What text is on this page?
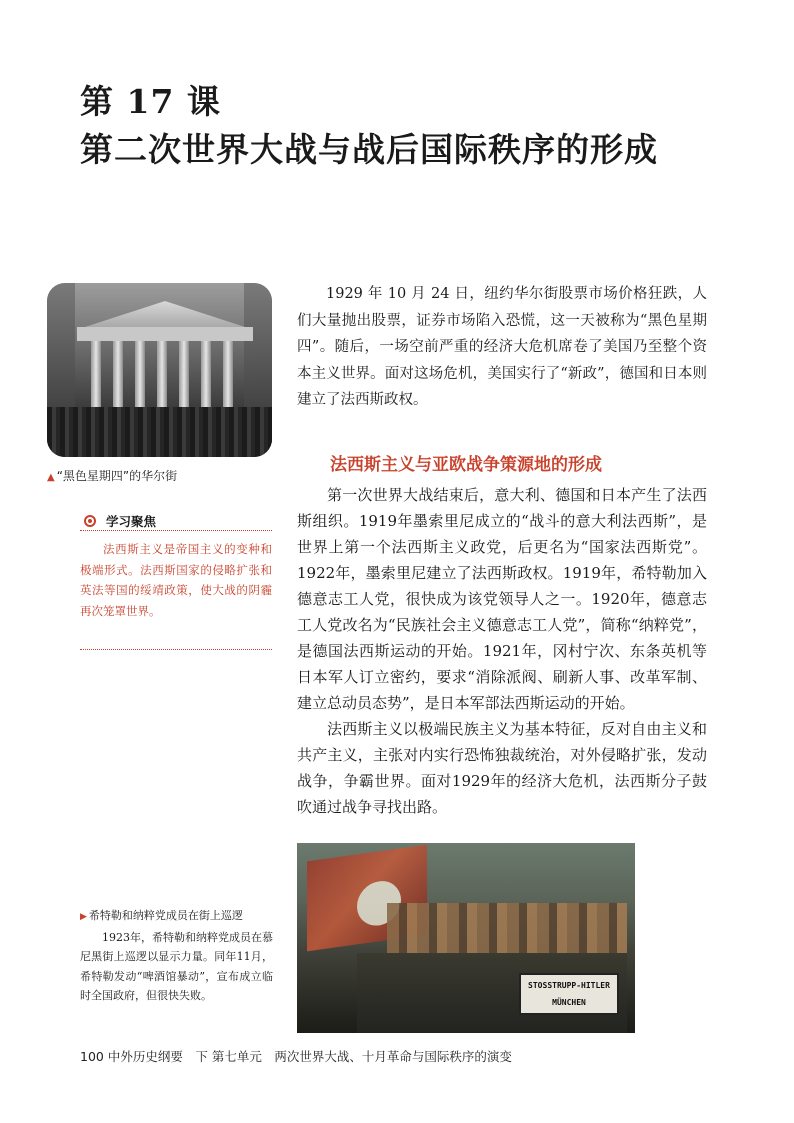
第 17 课
第二次世界大战与战后国际秩序的形成
▲ “黑色星期四”的华尔街

1929 年 10 月 24 日，纽约华尔街股票市场价格狂跌，人们大量抛出股票，证券市场陷入恐慌，这一天被称为“黑色星期四”。随后，一场空前严重的经济大危机席卷了美国乃至整个资本主义世界。面对这场危机，美国实行了“新政”，德国和日本则建立了法西斯政权。

学习聚焦

法西斯主义是帝国主义的变种和极端形式。法西斯国家的侵略扩张和英法等国的绥靖政策，使大战的阴霾再次笼罩世界。

法西斯主义与亚欧战争策源地的形成

第一次世界大战结束后，意大利、德国和日本产生了法西斯组织。1919年墨索里尼成立的“战斗的意大利法西斯”，是世界上第一个法西斯主义政党，后更名为“国家法西斯党”。1922年，墨索里尼建立了法西斯政权。1919年，希特勒加入德意志工人党，很快成为该党领导人之一。1920年，德意志工人党改名为“民族社会主义德意志工人党”，简称“纳粹党”，是德国法西斯运动的开始。1921年，冈村宁次、东条英机等日本军人订立密约，要求“消除派阀、刷新人事、改革军制、建立总动员态势”，是日本军部法西斯运动的开始。

法西斯主义以极端民族主义为基本特征，反对自由主义和共产主义，主张对内实行恐怖独裁统治，对外侵略扩张，发动战争，争霸世界。面对1929年的经济大危机，法西斯分子鼓吹通过战争寻找出路。

▶ 希特勒和纳粹党成员在街上巡逻

1923年，希特勒和纳粹党成员在慕尼黑街上巡逻以显示力量。同年11月，希特勒发动“啤酒馆暴动”，宣布成立临时全国政府，但很快失败。

STOSSTRUPP-HITLER
MÜNCHEN
100 中外历史纲要　下 第七单元　两次世界大战、十月革命与国际秩序的演变
